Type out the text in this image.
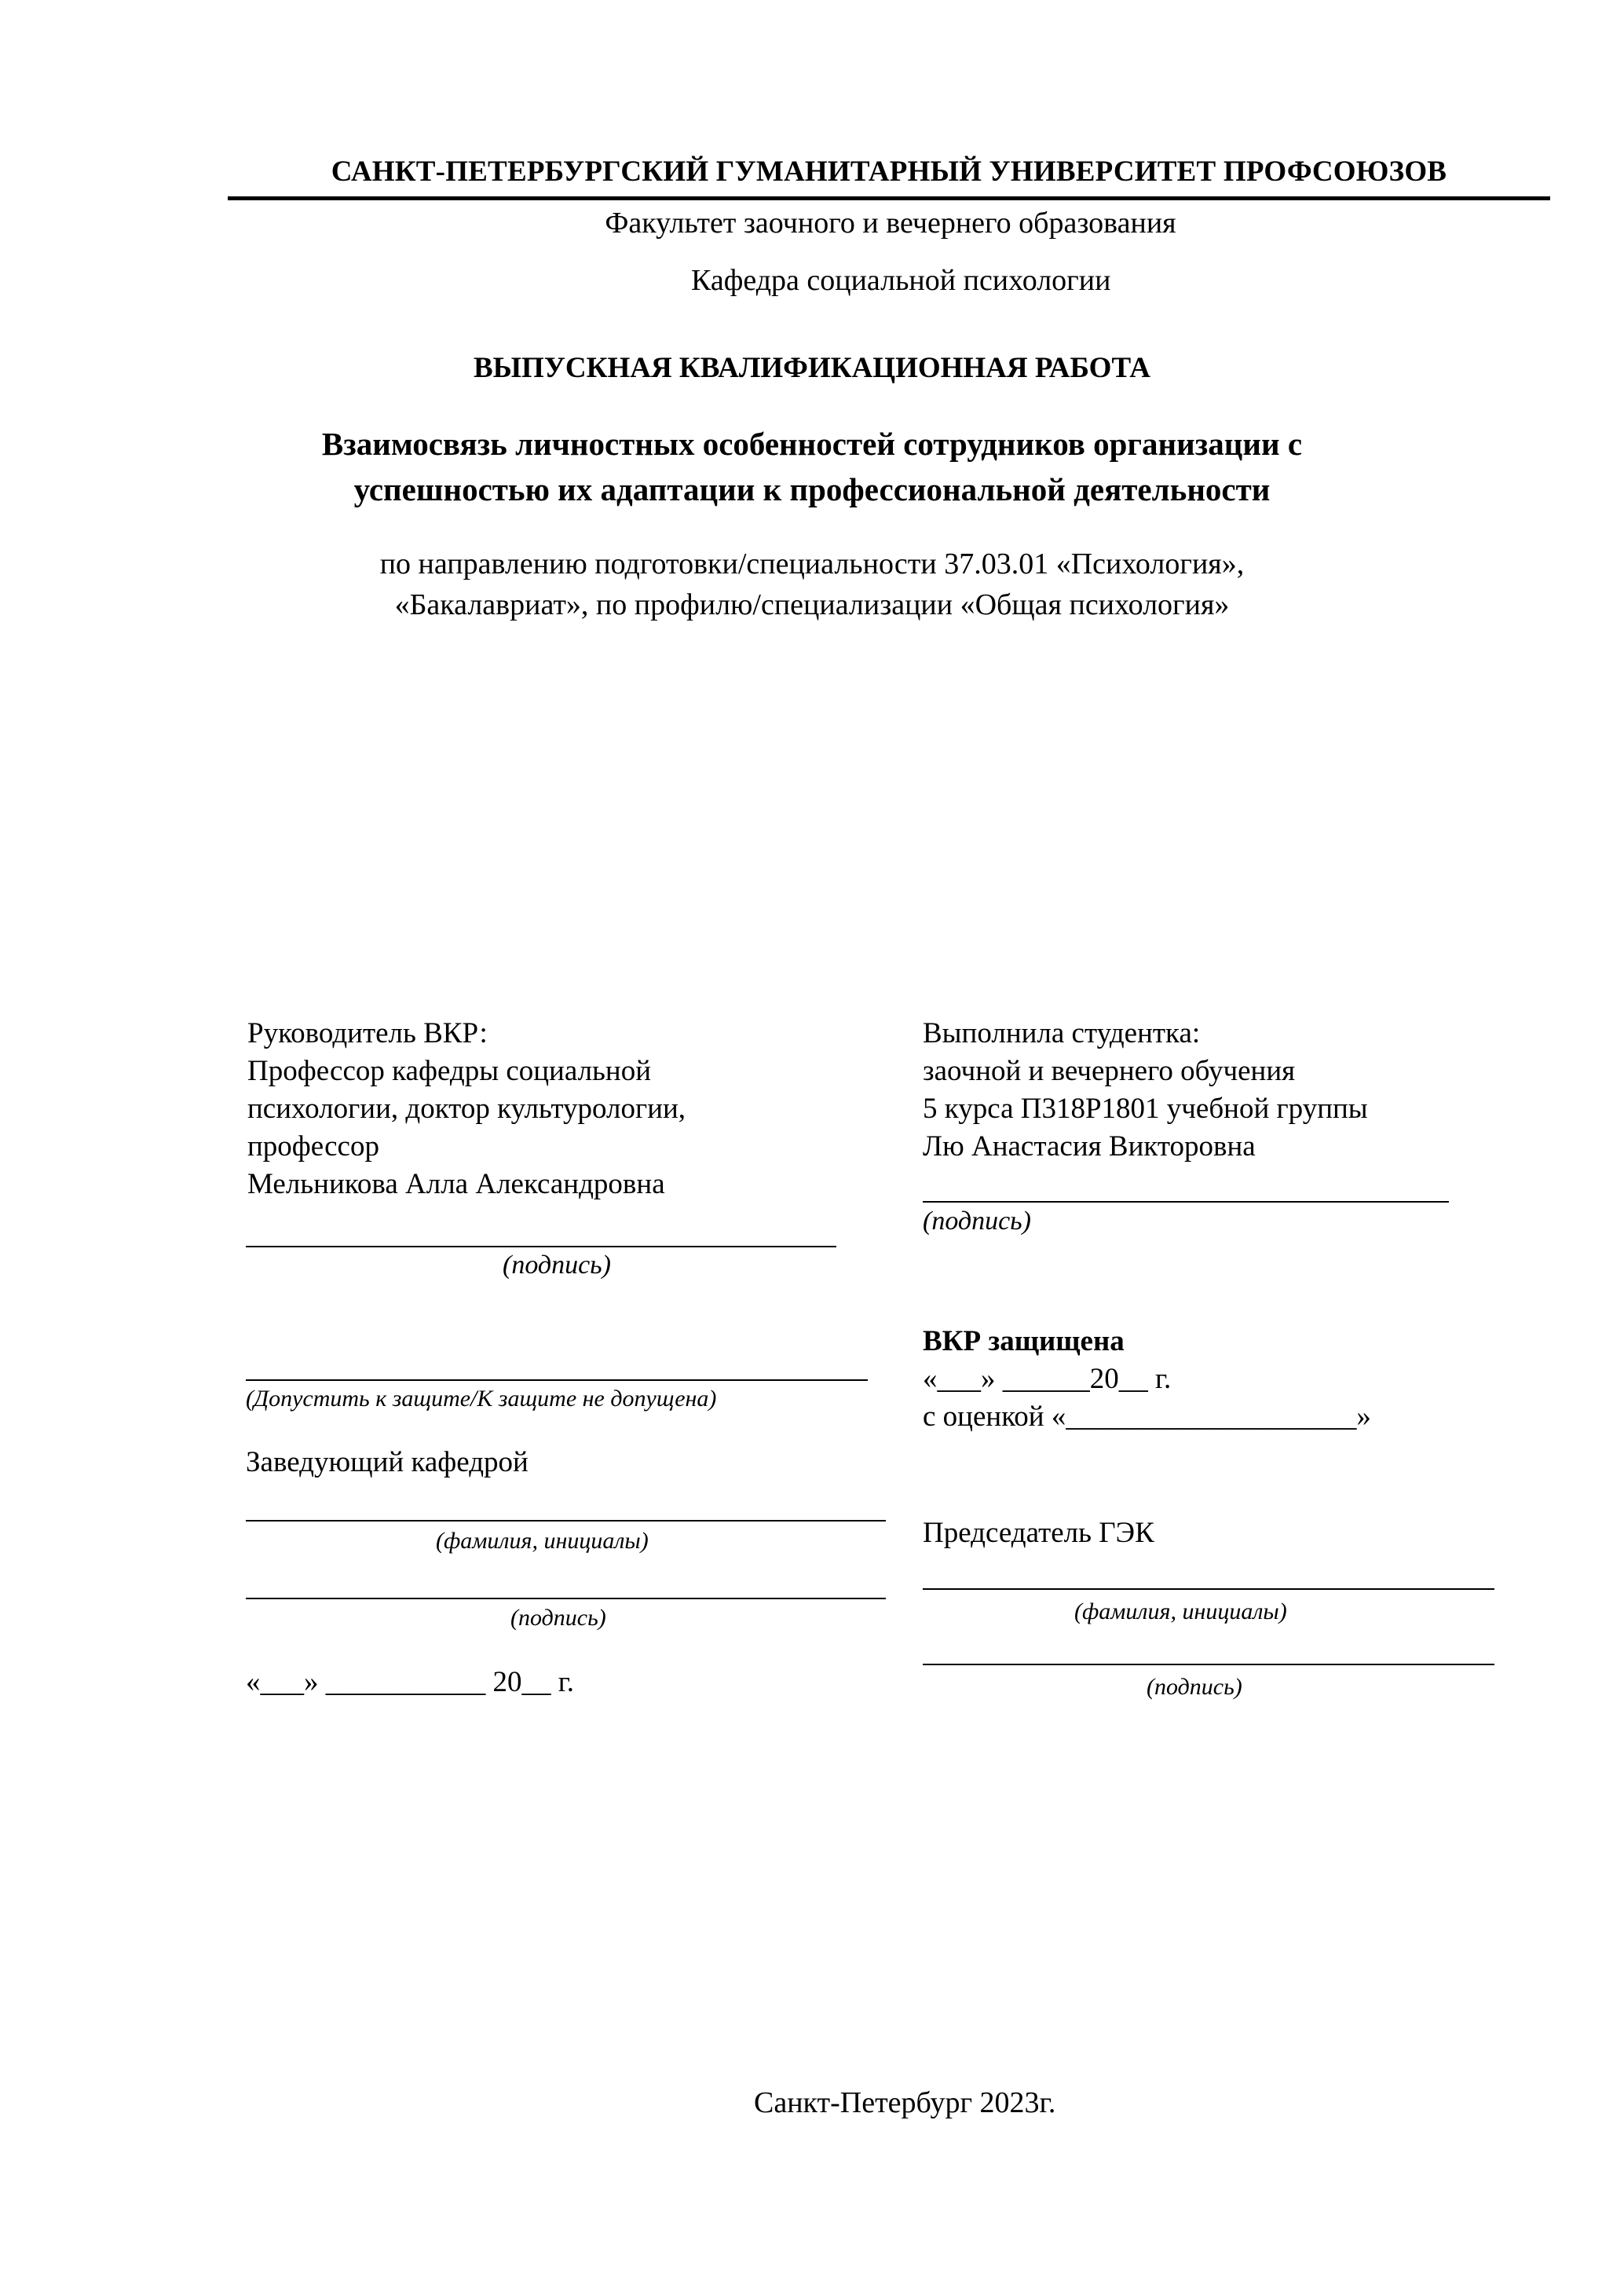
САНКТ-ПЕТЕРБУРГСКИЙ ГУМАНИТАРНЫЙ УНИВЕРСИТЕТ ПРОФСОЮЗОВ
Факультет заочного и вечернего образования
Кафедра социальной психологии
ВЫПУСКНАЯ КВАЛИФИКАЦИОННАЯ РАБОТА
Взаимосвязь личностных особенностей сотрудников организации с
успешностью их адаптации к профессиональной деятельности
по направлению подготовки/специальности 37.03.01 «Психология»,
«Бакалавриат», по профилю/специализации «Общая психология»
Руководитель ВКР:
Профессор кафедры социальной
психологии, доктор культурологии,
профессор
Мельникова Алла Александровна
(подпись)
(Допустить к защите/К защите не допущена)
Заведующий кафедрой
(фамилия, инициалы)
(подпись)
«___» ___________ 20__ г.
Выполнила студентка:
заочной и вечернего обучения
5 курса П318Р1801 учебной группы
Лю Анастасия Викторовна
(подпись)
ВКР защищена
«___» ______20__ г.
с оценкой «____________________»
Председатель ГЭК
(фамилия, инициалы)
(подпись)
Санкт-Петербург 2023г.
